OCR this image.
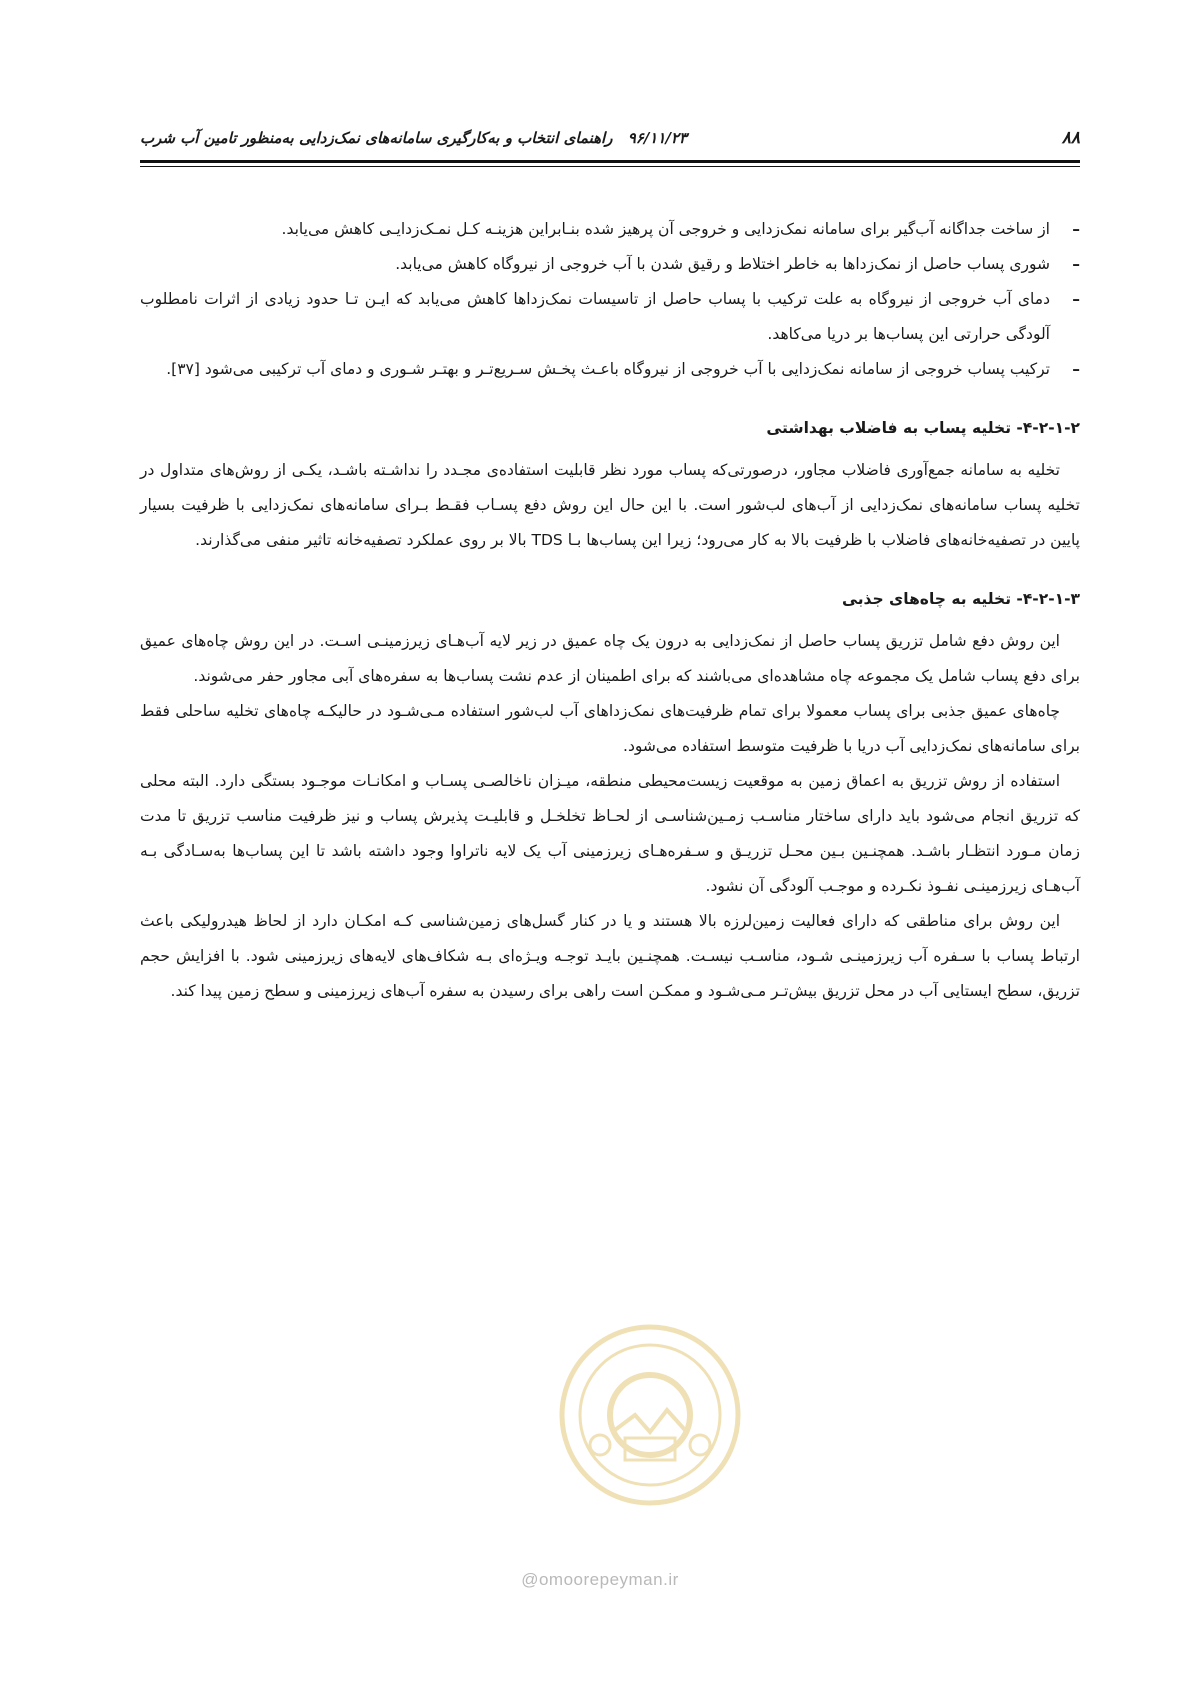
۸۸
۹۶/۱۱/۲۳ راهنمای انتخاب و به‌کارگیری سامانه‌های نمک‌زدایی به‌منظور تامین آب شرب
–
از ساخت جداگانه آب‌گیر برای سامانه نمک‌زدایی و خروجی آن پرهیز شده بنـابراین هزینـه کـل نمـک‌زدایـی کاهش می‌یابد.
–
شوری پساب حاصل از نمک‌زداها به خاطر اختلاط و رقیق شدن با آب خروجی از نیروگاه کاهش می‌یابد.
–
دمای آب خروجی از نیروگاه به علت ترکیب با پساب حاصل از تاسیسات نمک‌زداها کاهش می‌یابد که ایـن تـا حدود زیادی از اثرات نامطلوب آلودگی حرارتی این پساب‌ها بر دریا می‌کاهد.
–
ترکیب پساب خروجی از سامانه نمک‌زدایی با آب خروجی از نیروگاه باعـث پخـش سـریع‌تـر و بهتـر شـوری و دمای آب ترکیبی می‌شود [۳۷].
۴-۲-۱-۲- تخلیه پساب به فاضلاب بهداشتی

تخلیه به سامانه جمع‌آوری فاضلاب مجاور، درصورتی‌که پساب مورد نظر قابلیت استفاده‌ی مجـدد را نداشـته باشـد، یکـی از روش‌های متداول در تخلیه پساب سامانه‌های نمک‌زدایی از آب‌های لب‌شور است. با این حال این روش دفع پسـاب فقـط بـرای سامانه‌های نمک‌زدایی با ظرفیت بسیار پایین در تصفیه‌خانه‌های فاضلاب با ظرفیت بالا به کار می‌رود؛ زیرا این پساب‌ها بـا TDS بالا بر روی عملکرد تصفیه‌خانه تاثیر منفی می‌گذارند.

۴-۲-۱-۳- تخلیه به چاه‌های جذبی

این روش دفع شامل تزریق پساب حاصل از نمک‌زدایی به درون یک چاه عمیق در زیر لایه آب‌هـای زیرزمینـی اسـت. در این روش چاه‌های عمیق برای دفع پساب شامل یک مجموعه چاه مشاهده‌ای می‌باشند که برای اطمینان از عدم نشت پساب‌ها به سفره‌های آبی مجاور حفر می‌شوند.

چاه‌های عمیق جذبی برای پساب معمولا برای تمام ظرفیت‌های نمک‌زداهای آب لب‌شور استفاده مـی‌شـود در حالیکـه چاه‌های تخلیه ساحلی فقط برای سامانه‌های نمک‌زدایی آب دریا با ظرفیت متوسط استفاده می‌شود.

استفاده از روش تزریق به اعماق زمین به موقعیت زیست‌محیطی منطقه، میـزان ناخالصـی پسـاب و امکانـات موجـود بستگی دارد. البته محلی که تزریق انجام می‌شود باید دارای ساختار مناسـب زمـین‌شناسـی از لحـاظ تخلخـل و قابلیـت پذیرش پساب و نیز ظرفیت مناسب تزریق تا مدت زمان مـورد انتظـار باشـد. همچنـین بـین محـل تزریـق و سـفره‌هـای زیرزمینی آب یک لایه ناتراوا وجود داشته باشد تا این پساب‌ها به‌سـادگی بـه آب‌هـای زیرزمینـی نفـوذ نکـرده و موجـب آلودگی آن نشود.

این روش برای مناطقی که دارای فعالیت زمین‌لرزه بالا هستند و یا در کنار گسل‌های زمین‌شناسی کـه امکـان دارد از لحاظ هیدرولیکی باعث ارتباط پساب با سـفره آب زیرزمینـی شـود، مناسـب نیسـت. همچنـین بایـد توجـه ویـژه‌ای بـه شکاف‌های لایه‌های زیرزمینی شود. با افزایش حجم تزریق، سطح ایستایی آب در محل تزریق بیش‌تـر مـی‌شـود و ممکـن است راهی برای رسیدن به سفره آب‌های زیرزمینی و سطح زمین پیدا کند.

@omoorepeyman.ir
